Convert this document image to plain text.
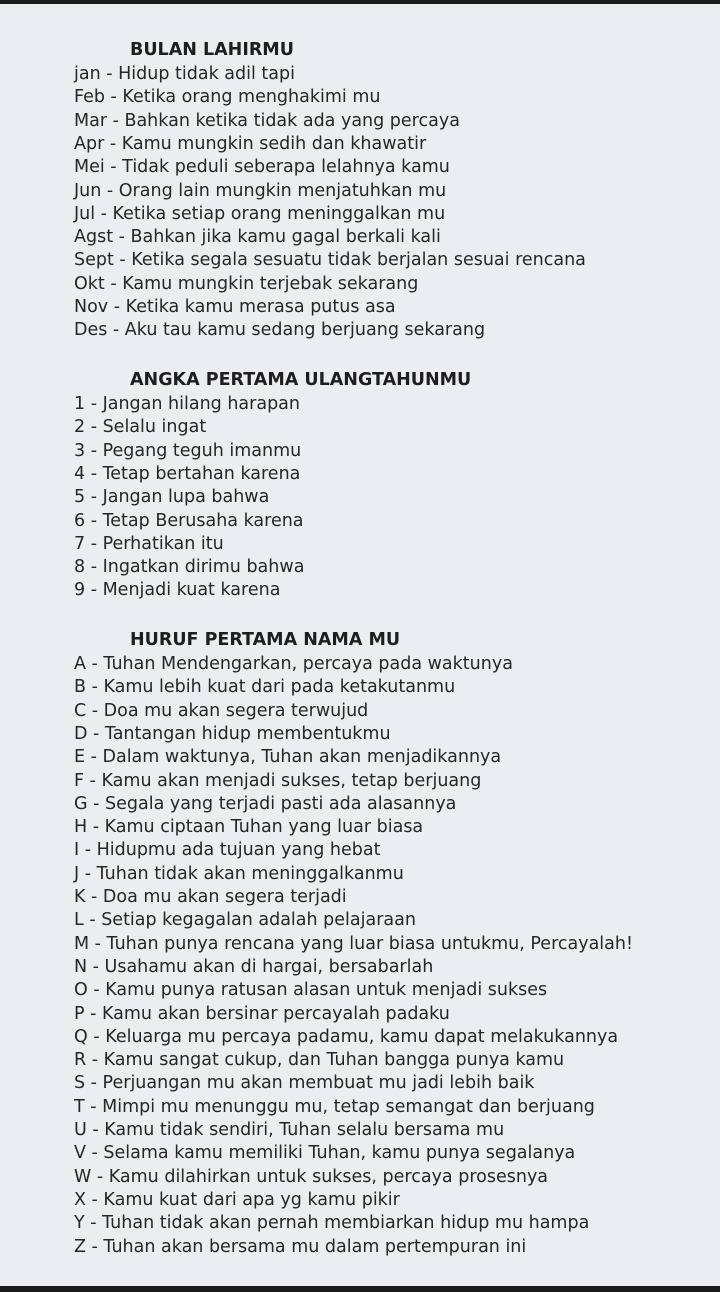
BULAN LAHIRMU
jan - Hidup tidak adil tapi
Feb - Ketika orang menghakimi mu
Mar - Bahkan ketika tidak ada yang percaya
Apr - Kamu mungkin sedih dan khawatir
Mei - Tidak peduli seberapa lelahnya kamu
Jun - Orang lain mungkin menjatuhkan mu
Jul - Ketika setiap orang meninggalkan mu
Agst - Bahkan jika kamu gagal berkali kali
Sept - Ketika segala sesuatu tidak berjalan sesuai rencana
Okt - Kamu mungkin terjebak sekarang
Nov - Ketika kamu merasa putus asa
Des - Aku tau kamu sedang berjuang sekarang
ANGKA PERTAMA ULANGTAHUNMU
1 - Jangan hilang harapan
2 - Selalu ingat
3 - Pegang teguh imanmu
4 - Tetap bertahan karena
5 - Jangan lupa bahwa
6 - Tetap Berusaha karena
7 - Perhatikan itu
8 - Ingatkan dirimu bahwa
9 - Menjadi kuat karena
HURUF PERTAMA NAMA MU
A - Tuhan Mendengarkan, percaya pada waktunya
B - Kamu lebih kuat dari pada ketakutanmu
C - Doa mu akan segera terwujud
D - Tantangan hidup membentukmu
E - Dalam waktunya, Tuhan akan menjadikannya
F - Kamu akan menjadi sukses, tetap berjuang
G - Segala yang terjadi pasti ada alasannya
H - Kamu ciptaan Tuhan yang luar biasa
I - Hidupmu ada tujuan yang hebat
J - Tuhan tidak akan meninggalkanmu
K - Doa mu akan segera terjadi
L - Setiap kegagalan adalah pelajaraan
M - Tuhan punya rencana yang luar biasa untukmu, Percayalah!
N - Usahamu akan di hargai, bersabarlah
O - Kamu punya ratusan alasan untuk menjadi sukses
P - Kamu akan bersinar percayalah padaku
Q - Keluarga mu percaya padamu, kamu dapat melakukannya
R - Kamu sangat cukup, dan Tuhan bangga punya kamu
S - Perjuangan mu akan membuat mu jadi lebih baik
T - Mimpi mu menunggu mu, tetap semangat dan berjuang
U - Kamu tidak sendiri, Tuhan selalu bersama mu
V - Selama kamu memiliki Tuhan, kamu punya segalanya
W - Kamu dilahirkan untuk sukses, percaya prosesnya
X - Kamu kuat dari apa yg kamu pikir
Y - Tuhan tidak akan pernah membiarkan hidup mu hampa
Z - Tuhan akan bersama mu dalam pertempuran ini
